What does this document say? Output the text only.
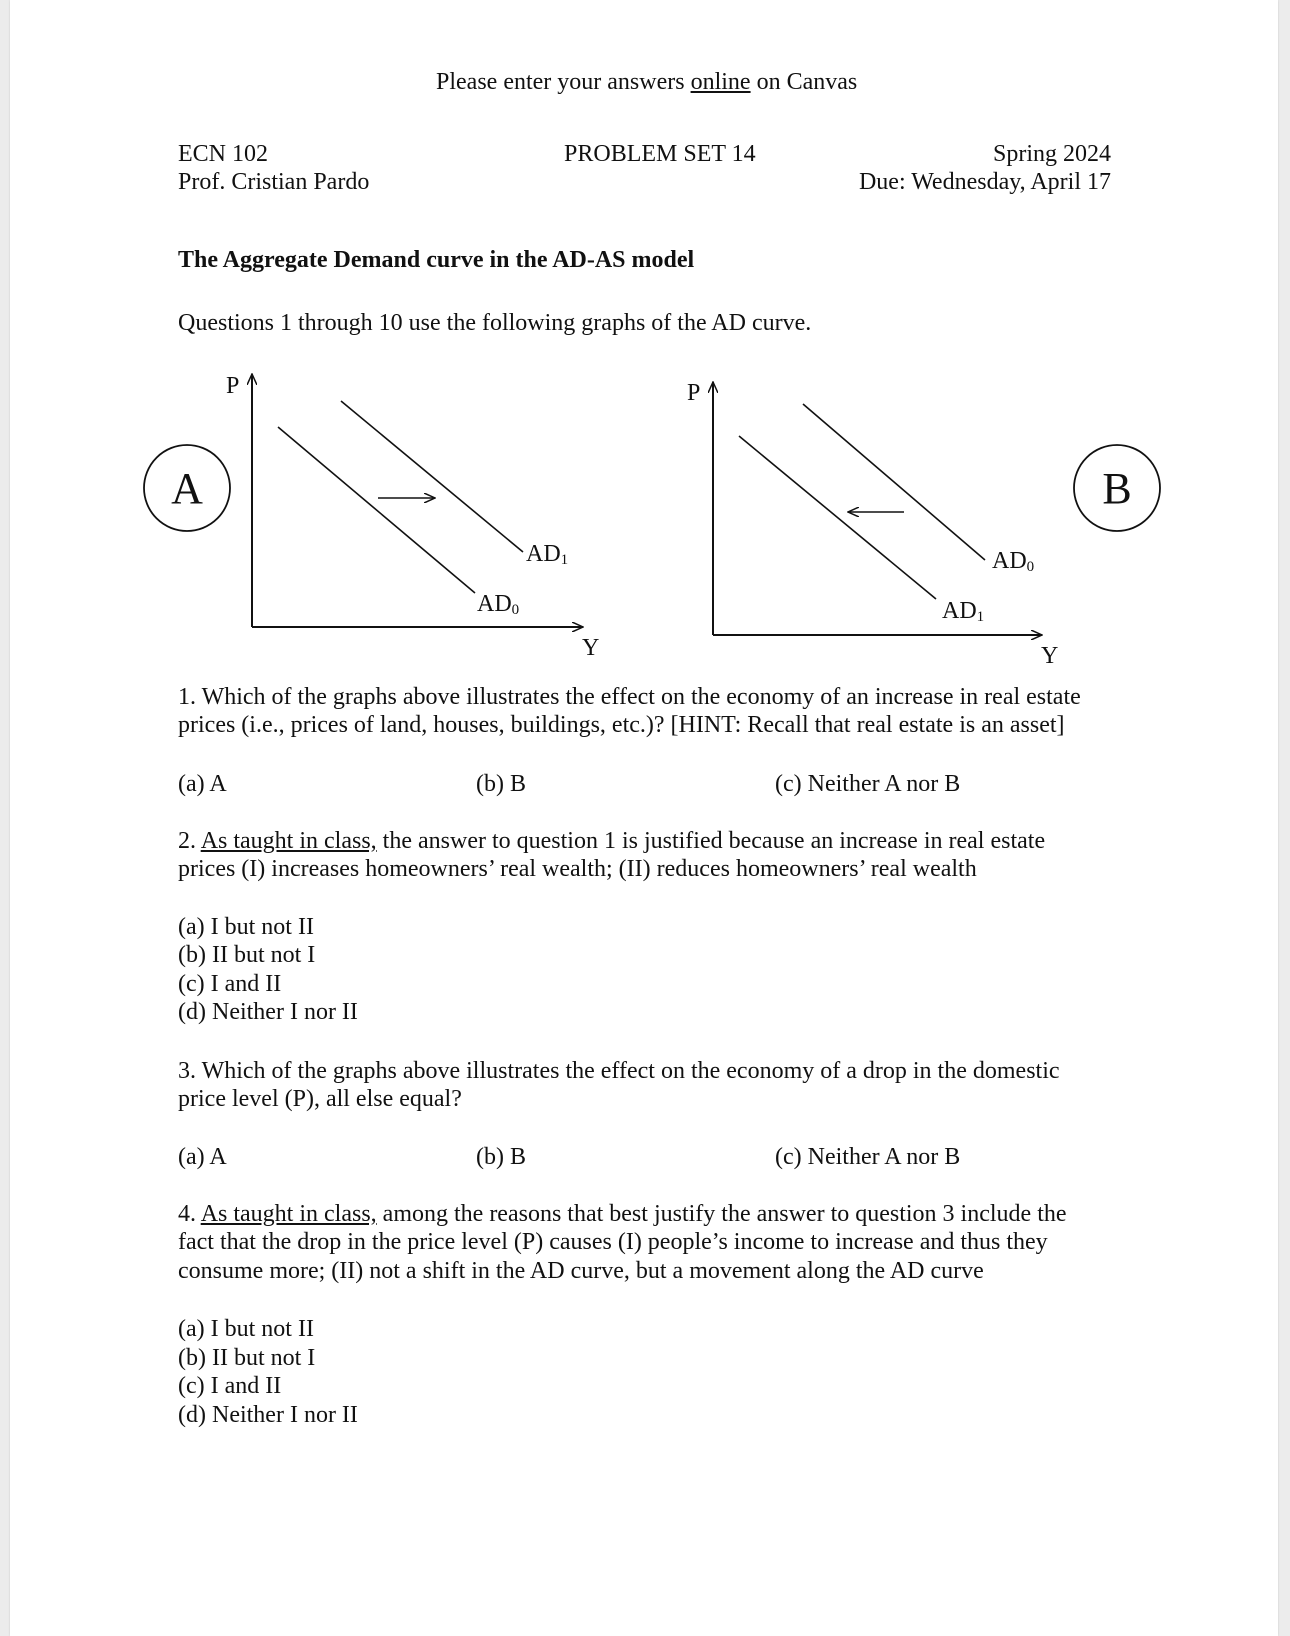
Please enter your answers online on Canvas
ECN 102
Prof. Cristian Pardo
PROBLEM SET 14	Spring 2024
Due: Wednesday, April 17
The Aggregate Demand curve in the AD-AS model
Questions 1 through 10 use the following graphs of the AD curve.
A
P
Y
AD0
AD1
B
P
Y
AD1
AD0
1. Which of the graphs above illustrates the effect on the economy of an increase in real estate
prices (i.e., prices of land, houses, buildings, etc.)? [HINT: Recall that real estate is an asset]
(a) A	(b) B	(c) Neither A nor B
2. As taught in class, the answer to question 1 is justified because an increase in real estate
prices (I) increases homeowners’ real wealth; (II) reduces homeowners’ real wealth
(a) I but not II
(b) II but not I
(c) I and II
(d) Neither I nor II
3. Which of the graphs above illustrates the effect on the economy of a drop in the domestic
price level (P), all else equal?
(a) A	(b) B	(c) Neither A nor B
4. As taught in class, among the reasons that best justify the answer to question 3 include the
fact that the drop in the price level (P) causes (I) people’s income to increase and thus they
consume more; (II) not a shift in the AD curve, but a movement along the AD curve
(a) I but not II
(b) II but not I
(c) I and II
(d) Neither I nor II
